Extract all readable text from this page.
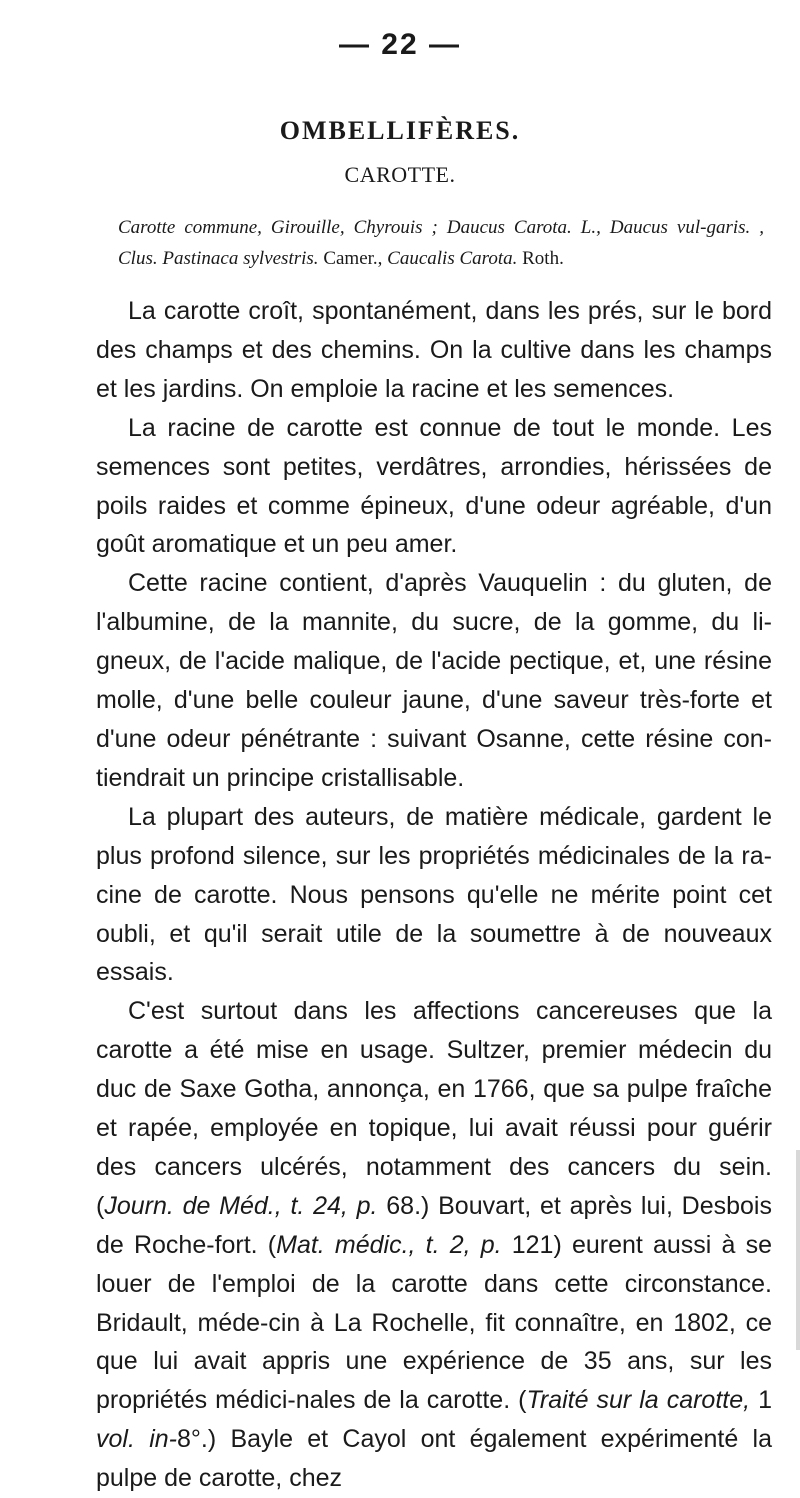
— 22 —
OMBELLIFÈRES.
CAROTTE.
Carotte commune, Girouille, Chyrouis ; Daucus Carota. L., Daucus vul-garis. , Clus. Pastinaca sylvestris. Camer., Caucalis Carota. Roth.

La carotte croît, spontanément, dans les prés, sur le bord des champs et des chemins. On la cultive dans les champs et les jardins. On emploie la racine et les semences.

La racine de carotte est connue de tout le monde. Les semences sont petites, verdâtres, arrondies, hérissées de poils raides et comme épineux, d'une odeur agréable, d'un goût aromatique et un peu amer.

Cette racine contient, d'après Vauquelin : du gluten, de l'albumine, de la mannite, du sucre, de la gomme, du li-gneux, de l'acide malique, de l'acide pectique, et, une résine molle, d'une belle couleur jaune, d'une saveur très-forte et d'une odeur pénétrante : suivant Osanne, cette résine con-tiendrait un principe cristallisable.

La plupart des auteurs, de matière médicale, gardent le plus profond silence, sur les propriétés médicinales de la ra-cine de carotte. Nous pensons qu'elle ne mérite point cet oubli, et qu'il serait utile de la soumettre à de nouveaux essais.

C'est surtout dans les affections cancereuses que la carotte a été mise en usage. Sultzer, premier médecin du duc de Saxe Gotha, annonça, en 1766, que sa pulpe fraîche et rapée, employée en topique, lui avait réussi pour guérir des cancers ulcérés, notamment des cancers du sein. (Journ. de Méd., t. 24, p. 68.) Bouvart, et après lui, Desbois de Roche-fort. (Mat. médic., t. 2, p. 121) eurent aussi à se louer de l'emploi de la carotte dans cette circonstance. Bridault, méde-cin à La Rochelle, fit connaître, en 1802, ce que lui avait appris une expérience de 35 ans, sur les propriétés médici-nales de la carotte. (Traité sur la carotte, 1 vol. in-8°.) Bayle et Cayol ont également expérimenté la pulpe de carotte, chez
